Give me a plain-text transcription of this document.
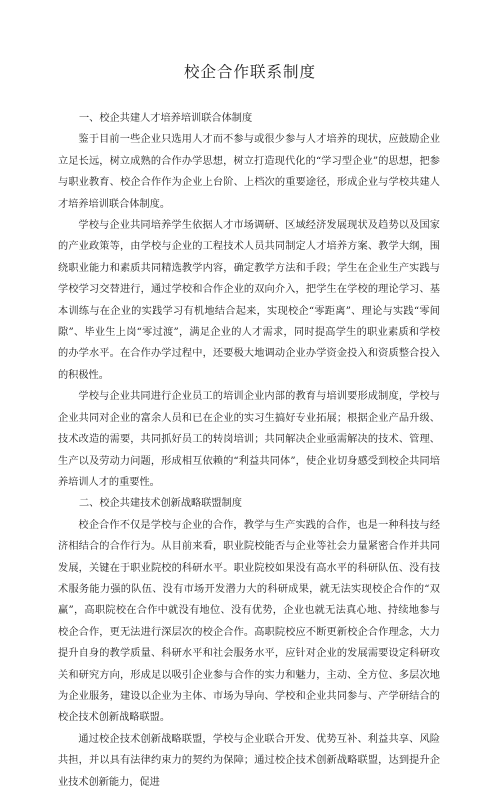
校企合作联系制度

一、校企共建人才培养培训联合体制度

鉴于目前一些企业只选用人才而不参与或很少参与人才培养的现状，应鼓励企业立足长远，树立成熟的合作办学思想，树立打造现代化的“学习型企业”的思想，把参与职业教育、校企合作作为企业上台阶、上档次的重要途径，形成企业与学校共建人才培养培训联合体制度。

学校与企业共同培养学生依据人才市场调研、区域经济发展现状及趋势以及国家的产业政策等，由学校与企业的工程技术人员共同制定人才培养方案、教学大纲，围绕职业能力和素质共同精选教学内容，确定教学方法和手段；学生在企业生产实践与学校学习交替进行，通过学校和合作企业的双向介入，把学生在学校的理论学习、基本训练与在企业的实践学习有机地结合起来，实现校企“零距离”、理论与实践“零间隙”、毕业生上岗“零过渡”，满足企业的人才需求，同时提高学生的职业素质和学校的办学水平。在合作办学过程中，还要极大地调动企业办学资金投入和资质整合投入的积极性。

学校与企业共同进行企业员工的培训企业内部的教育与培训要形成制度，学校与企业共同对企业的富余人员和已在企业的实习生搞好专业拓展；根据企业产品升级、技术改造的需要，共同抓好员工的转岗培训；共同解决企业亟需解决的技术、管理、生产以及劳动力问题，形成相互依赖的“利益共同体”，使企业切身感受到校企共同培养培训人才的重要性。

二、校企共建技术创新战略联盟制度

校企合作不仅是学校与企业的合作，教学与生产实践的合作，也是一种科技与经济相结合的合作行为。从目前来看，职业院校能否与企业等社会力量紧密合作并共同发展，关键在于职业院校的科研水平。职业院校如果没有高水平的科研队伍、没有技术服务能力强的队伍、没有市场开发潜力大的科研成果，就无法实现校企合作的“双赢”，高职院校在合作中就没有地位、没有优势，企业也就无法真心地、持续地参与校企合作，更无法进行深层次的校企合作。高职院校应不断更新校企合作理念，大力提升自身的教学质量、科研水平和社会服务水平，应针对企业的发展需要设定科研攻关和研究方向，形成足以吸引企业参与合作的实力和魅力，主动、全方位、多层次地为企业服务，建设以企业为主体、市场为导向、学校和企业共同参与、产学研结合的校企技术创新战略联盟。

通过校企技术创新战略联盟，学校与企业联合开发、优势互补、利益共享、风险共担，并以具有法律约束力的契约为保障；通过校企技术创新战略联盟，达到提升企业技术创新能力，促进
